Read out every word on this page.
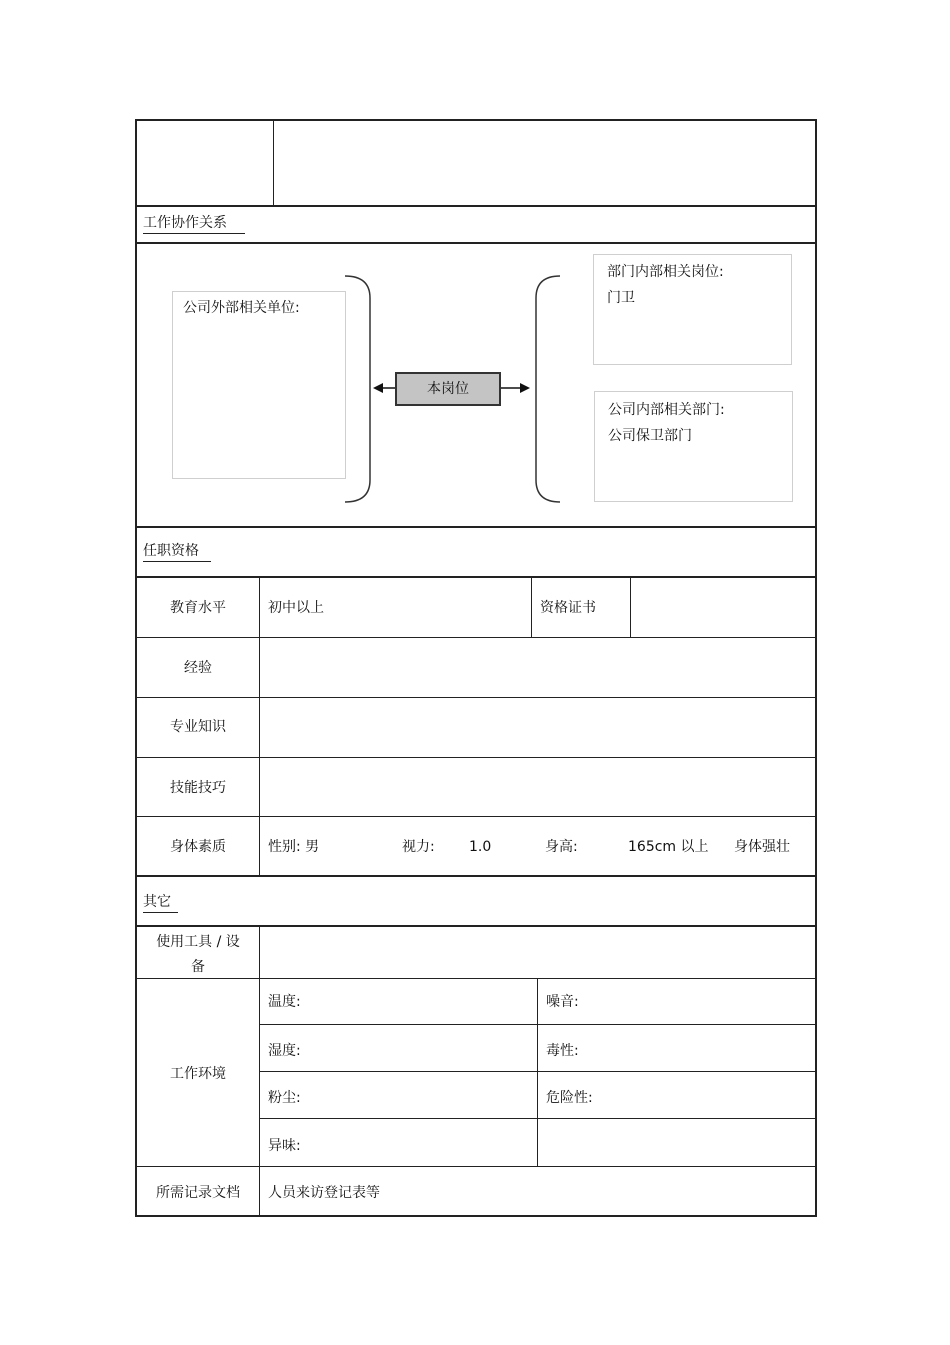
工作协作关系
公司外部相关单位:
部门内部相关岗位:
门卫
公司内部相关部门:
公司保卫部门
本岗位
任职资格
教育水平	初中以上	资格证书
经验
专业知识
技能技巧
身体素质	性别: 男	视力: 1.0	身高:	165cm 以上 身体强壮
其它
使用工具 / 设
备
工作环境
温度:	噪音:
湿度:	毒性:
粉尘:	危险性:
异味:
所需记录文档	人员来访登记表等
